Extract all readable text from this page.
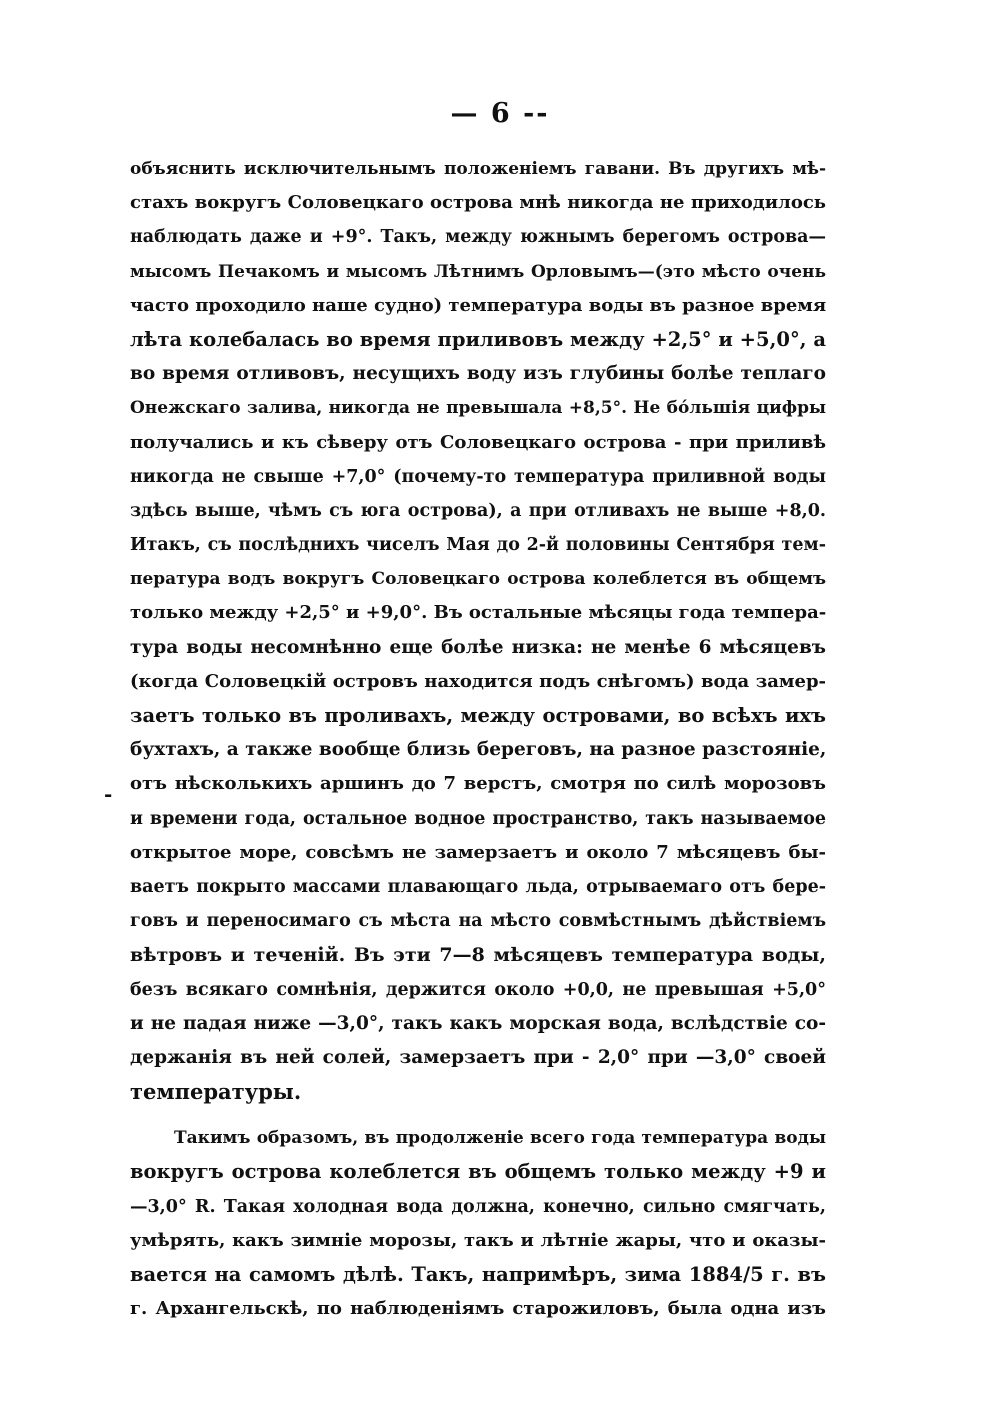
— 6 --
-
объяснить исключительнымъ положеніемъ гавани. Въ другихъ мѣ-
стахъ вокругъ Соловецкаго острова мнѣ никогда не приходилось
наблюдать даже и +9°. Такъ, между южнымъ берегомъ острова—
мысомъ Печакомъ и мысомъ Лѣтнимъ Орловымъ—(это мѣсто очень
часто проходило наше судно) температура воды въ разное время
лѣта колебалась во время приливовъ между +2,5° и +5,0°, а
во время отливовъ, несущихъ воду изъ глубины болѣе теплаго
Онежскаго залива, никогда не превышала +8,5°. Не бо́льшія цифры
получались и къ сѣверу отъ Соловецкаго острова - при приливѣ
никогда не свыше +7,0° (почему-то температура приливной воды
здѣсь выше, чѣмъ съ юга острова), а при отливахъ не выше +8,0.
Итакъ, съ послѣднихъ чиселъ Мая до 2-й половины Сентября тем-
пература водъ вокругъ Соловецкаго острова колеблется въ общемъ
только между +2,5° и +9,0°. Въ остальные мѣсяцы года темпера-
тура воды несомнѣнно еще болѣе низка: не менѣе 6 мѣсяцевъ
(когда Соловецкій островъ находится подъ снѣгомъ) вода замер-
заетъ только въ проливахъ, между островами, во всѣхъ ихъ
бухтахъ, а также вообще близь береговъ, на разное разстояніе,
отъ нѣсколькихъ аршинъ до 7 верстъ, смотря по силѣ морозовъ
и времени года, остальное водное пространство, такъ называемое
открытое море, совсѣмъ не замерзаетъ и около 7 мѣсяцевъ бы-
ваетъ покрыто массами плавающаго льда, отрываемаго отъ бере-
говъ и переносимаго съ мѣста на мѣсто совмѣстнымъ дѣйствіемъ
вѣтровъ и теченій. Въ эти 7—8 мѣсяцевъ температура воды,
безъ всякаго сомнѣнія, держится около +0,0, не превышая +5,0°
и не падая ниже —3,0°, такъ какъ морская вода, вслѣдствіе со-
держанія въ ней солей, замерзаетъ при - 2,0° при —3,0° своей
температуры.
Такимъ образомъ, въ продолженіе всего года температура воды
вокругъ острова колеблется въ общемъ только между +9 и
—3,0° R. Такая холодная вода должна, конечно, сильно смягчать,
умѣрять, какъ зимніе морозы, такъ и лѣтніе жары, что и оказы-
вается на самомъ дѣлѣ. Такъ, напримѣръ, зима 1884/5 г. въ
г. Архангельскѣ, по наблюденіямъ старожиловъ, была одна изъ
